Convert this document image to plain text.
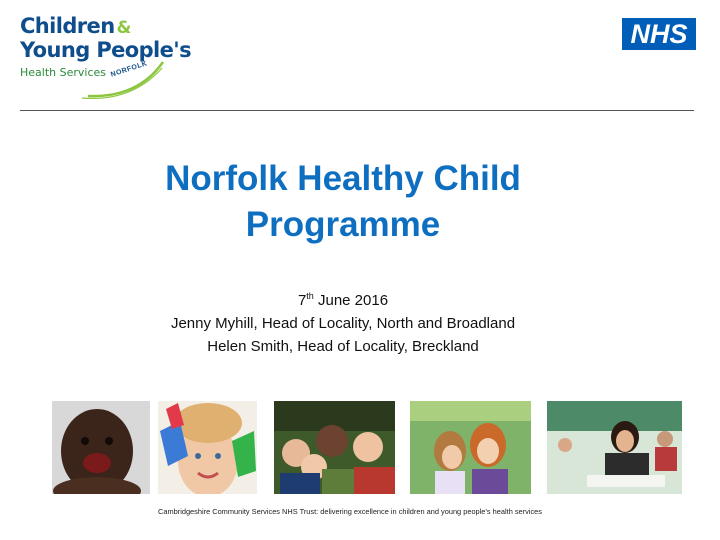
Children &
Young People's
Health Services NORFOLK
NHS
Norfolk Healthy Child
Programme
7th June 2016
Jenny Myhill, Head of Locality, North and Broadland
Helen Smith, Head of Locality, Breckland
Cambridgeshire Community Services NHS Trust: delivering excellence in children and young people’s health services
